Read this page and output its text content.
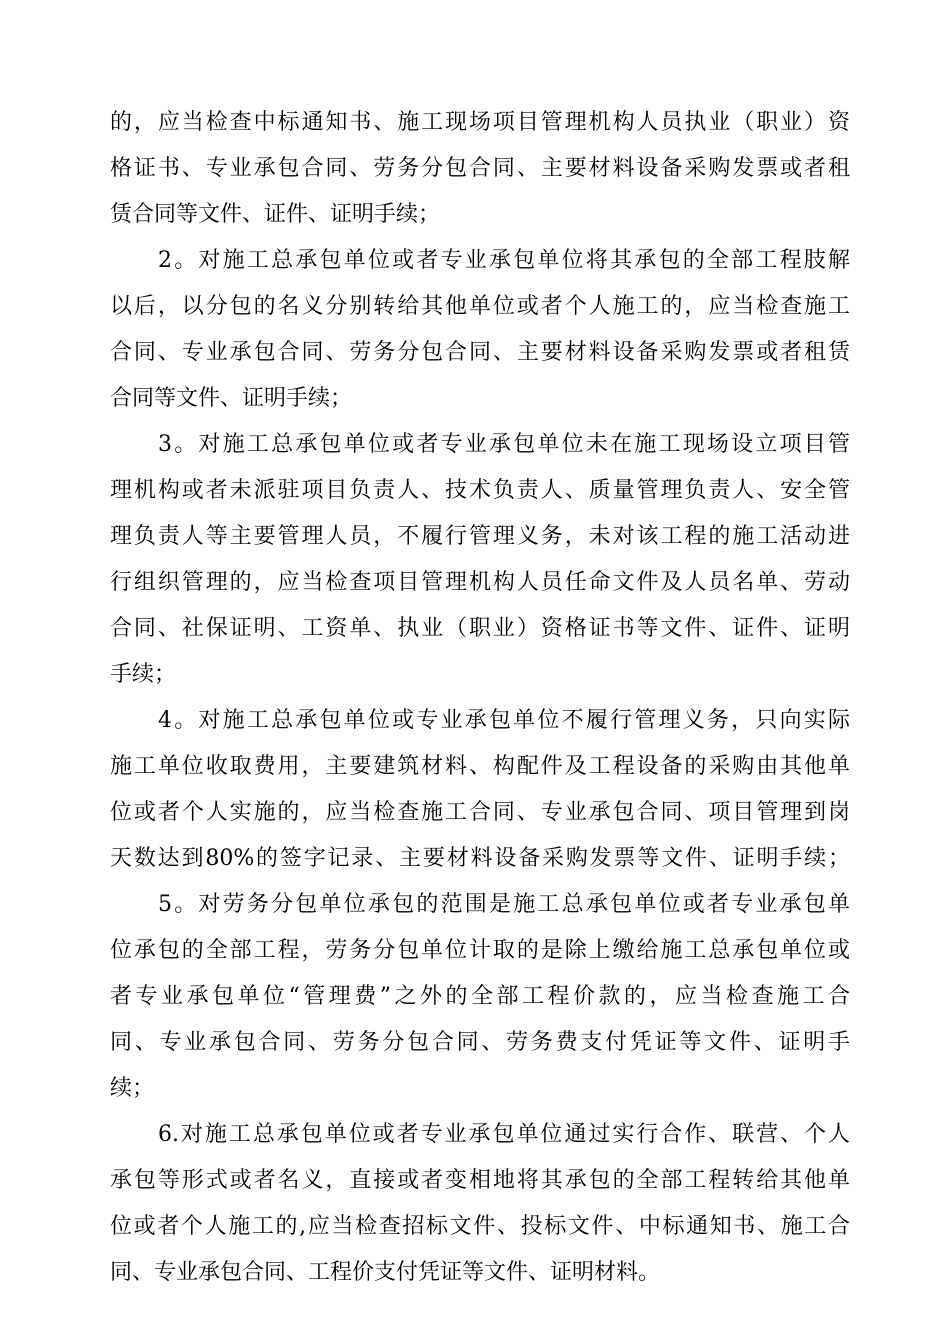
的，应当检查中标通知书、施工现场项目管理机构人员执业（职业）资
格证书、专业承包合同、劳务分包合同、主要材料设备采购发票或者租
赁合同等文件、证件、证明手续；
2。对施工总承包单位或者专业承包单位将其承包的全部工程肢解
以后，以分包的名义分别转给其他单位或者个人施工的，应当检查施工
合同、专业承包合同、劳务分包合同、主要材料设备采购发票或者租赁
合同等文件、证明手续；
3。对施工总承包单位或者专业承包单位未在施工现场设立项目管
理机构或者未派驻项目负责人、技术负责人、质量管理负责人、安全管
理负责人等主要管理人员，不履行管理义务，未对该工程的施工活动进
行组织管理的，应当检查项目管理机构人员任命文件及人员名单、劳动
合同、社保证明、工资单、执业（职业）资格证书等文件、证件、证明
手续；
4。对施工总承包单位或专业承包单位不履行管理义务，只向实际
施工单位收取费用，主要建筑材料、构配件及工程设备的采购由其他单
位或者个人实施的，应当检查施工合同、专业承包合同、项目管理到岗
天数达到80%的签字记录、主要材料设备采购发票等文件、证明手续；
5。对劳务分包单位承包的范围是施工总承包单位或者专业承包单
位承包的全部工程，劳务分包单位计取的是除上缴给施工总承包单位或
者专业承包单位“管理费”之外的全部工程价款的，应当检查施工合
同、专业承包合同、劳务分包合同、劳务费支付凭证等文件、证明手
续；
6.对施工总承包单位或者专业承包单位通过实行合作、联营、个人
承包等形式或者名义，直接或者变相地将其承包的全部工程转给其他单
位或者个人施工的,应当检查招标文件、投标文件、中标通知书、施工合
同、专业承包合同、工程价支付凭证等文件、证明材料。
